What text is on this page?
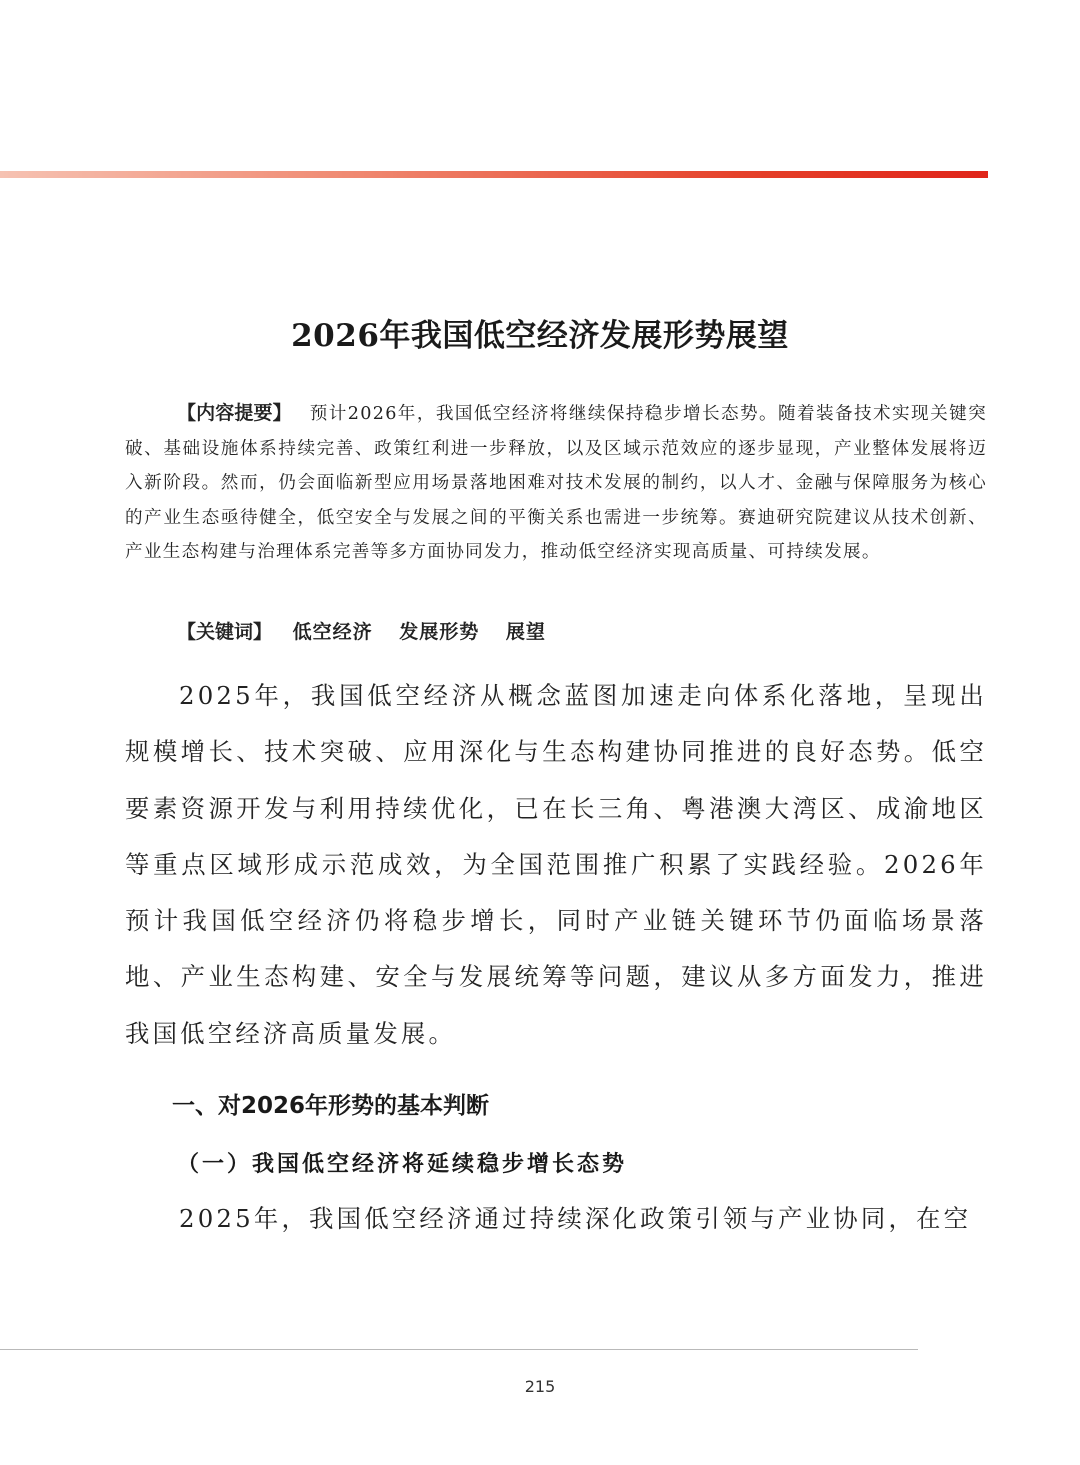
2026年我国低空经济发展形势展望

【内容提要】 预计2026年，我国低空经济将继续保持稳步增长态势。随着装备技术实现关键突破、基础设施体系持续完善、政策红利进一步释放，以及区域示范效应的逐步显现，产业整体发展将迈入新阶段。然而，仍会面临新型应用场景落地困难对技术发展的制约，以人才、金融与保障服务为核心的产业生态亟待健全，低空安全与发展之间的平衡关系也需进一步统筹。赛迪研究院建议从技术创新、产业生态构建与治理体系完善等多方面协同发力，推动低空经济实现高质量、可持续发展。

【关键词】 低空经济 发展形势 展望

2025年，我国低空经济从概念蓝图加速走向体系化落地，呈现出规模增长、技术突破、应用深化与生态构建协同推进的良好态势。低空要素资源开发与利用持续优化，已在长三角、粤港澳大湾区、成渝地区等重点区域形成示范成效，为全国范围推广积累了实践经验。2026年预计我国低空经济仍将稳步增长，同时产业链关键环节仍面临场景落地、产业生态构建、安全与发展统筹等问题，建议从多方面发力，推进我国低空经济高质量发展。

一、对2026年形势的基本判断
（一）我国低空经济将延续稳步增长态势

2025年，我国低空经济通过持续深化政策引领与产业协同，在空

215
